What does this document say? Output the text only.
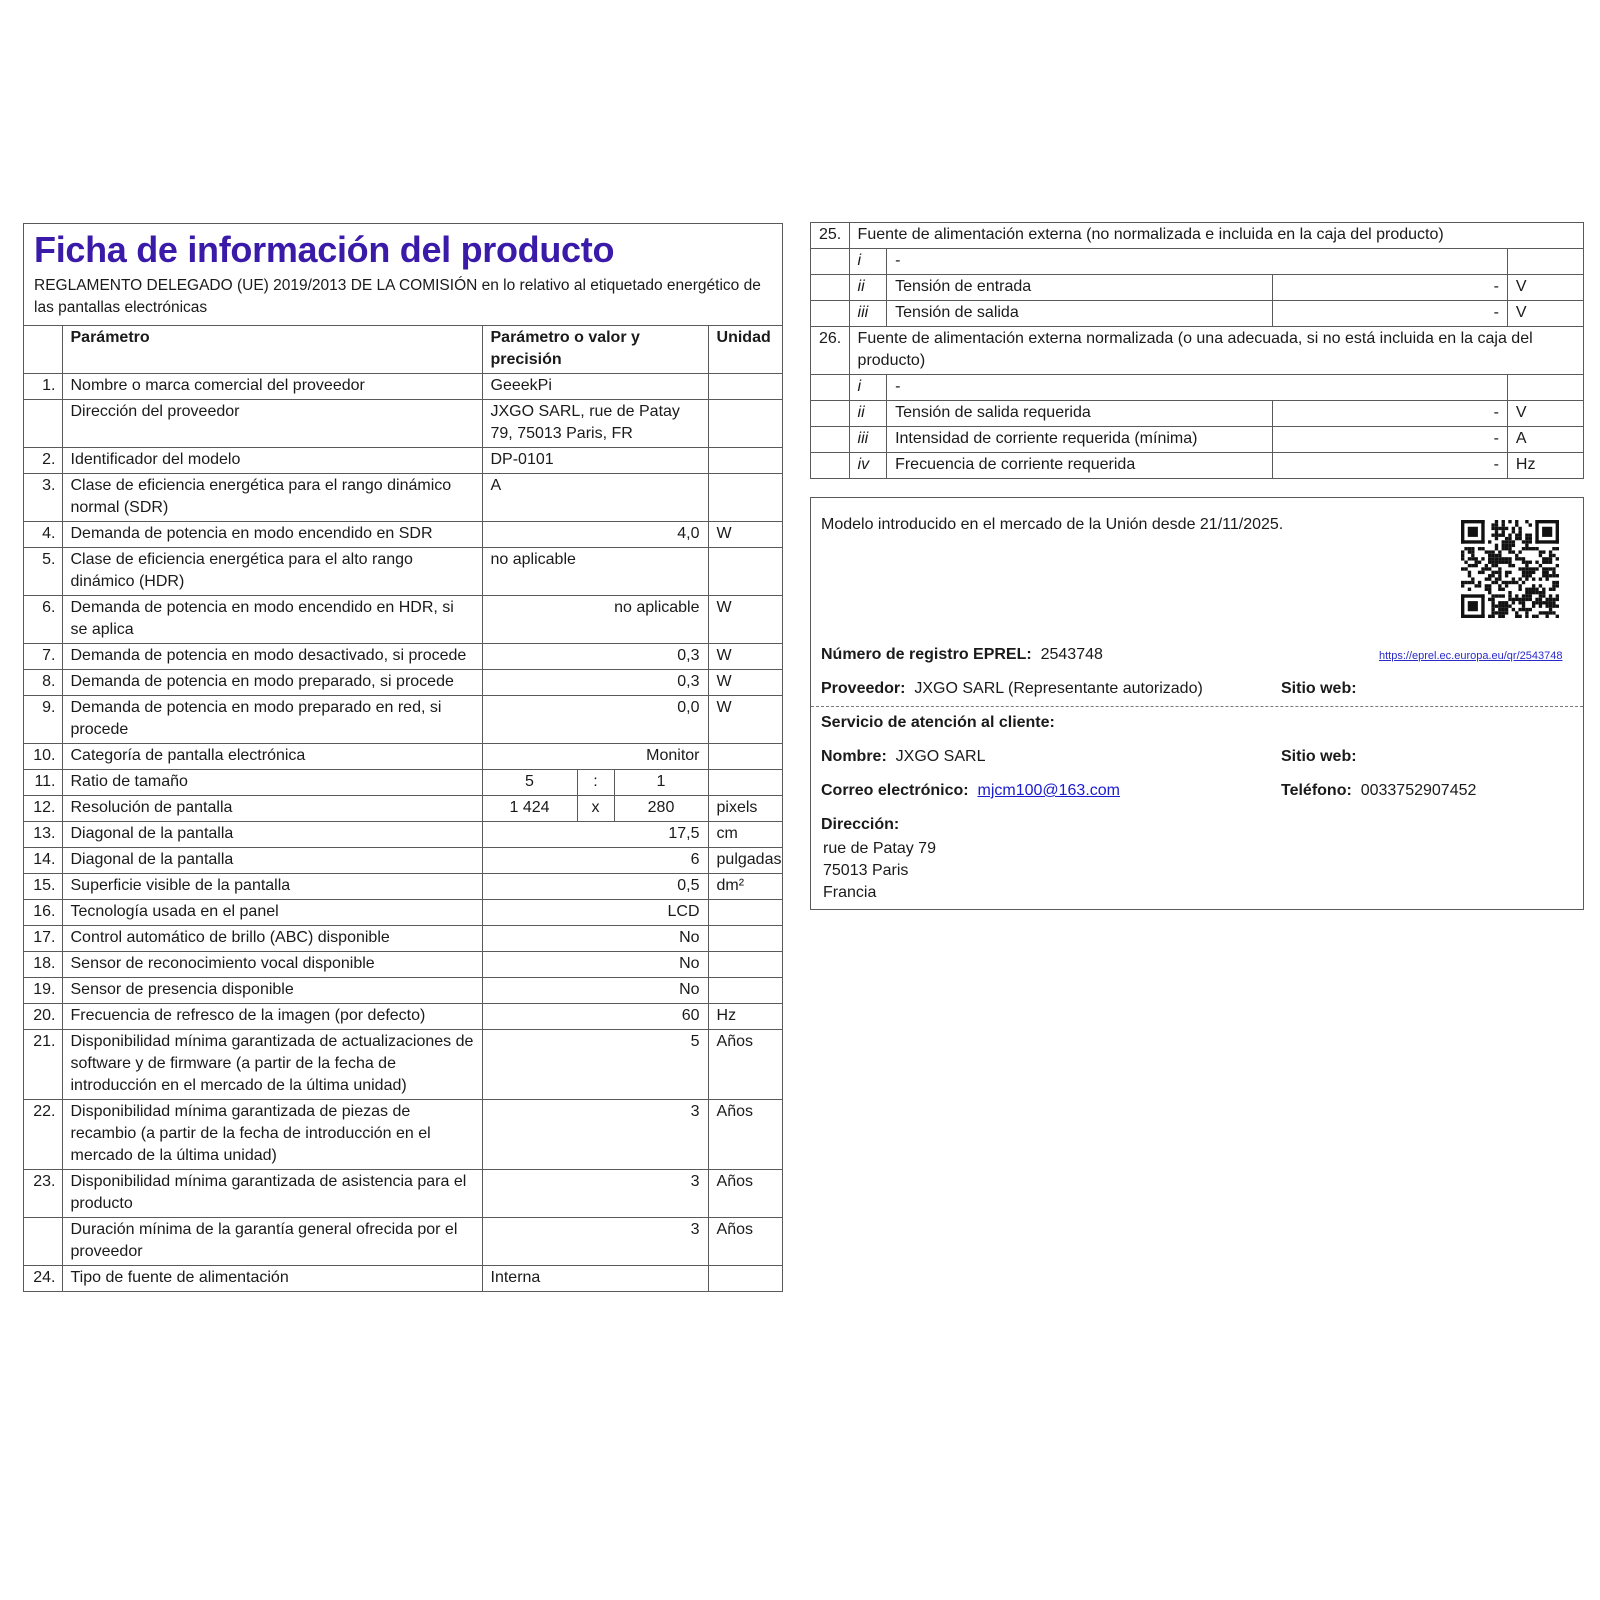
Ficha de información del producto
REGLAMENTO DELEGADO (UE) 2019/2013 DE LA COMISIÓN en lo relativo al etiquetado energético de las pantallas electrónicas
	Parámetro	Parámetro o valor y precisión			Unidad
1.	Nombre o marca comercial del proveedor	GeeekPi			
	Dirección del proveedor	JXGO SARL, rue de Patay 79, 75013 Paris, FR			
2.	Identificador del modelo	DP-0101			
3.	Clase de eficiencia energética para el rango dinámico normal (SDR)	A			
4.	Demanda de potencia en modo encendido en SDR	4,0			W
5.	Clase de eficiencia energética para el alto rango dinámico (HDR)	no aplicable			
6.	Demanda de potencia en modo encendido en HDR, si se aplica	no aplicable			W
7.	Demanda de potencia en modo desactivado, si procede	0,3			W
8.	Demanda de potencia en modo preparado, si procede	0,3			W
9.	Demanda de potencia en modo preparado en red, si procede	0,0			W
10.	Categoría de pantalla electrónica	Monitor			
11.	Ratio de tamaño	5	:	1	
12.	Resolución de pantalla	1 424	x	280	pixels
13.	Diagonal de la pantalla	17,5			cm
14.	Diagonal de la pantalla	6			pulgadas
15.	Superficie visible de la pantalla	0,5			dm²
16.	Tecnología usada en el panel	LCD			
17.	Control automático de brillo (ABC) disponible	No			
18.	Sensor de reconocimiento vocal disponible	No			
19.	Sensor de presencia disponible	No			
20.	Frecuencia de refresco de la imagen (por defecto)	60			Hz
21.	Disponibilidad mínima garantizada de actualizaciones de software y de firmware (a partir de la fecha de introducción en el mercado de la última unidad)	5			Años
22.	Disponibilidad mínima garantizada de piezas de recambio (a partir de la fecha de introducción en el mercado de la última unidad)	3			Años
23.	Disponibilidad mínima garantizada de asistencia para el producto	3			Años
	Duración mínima de la garantía general ofrecida por el proveedor	3			Años
24.	Tipo de fuente de alimentación	Interna			
25.	Fuente de alimentación externa (no normalizada e incluida en la caja del producto)			
	i	-		
	ii	Tensión de entrada	-	V
	iii	Tensión de salida	-	V
26.	Fuente de alimentación externa normalizada (o una adecuada, si no está incluida en la caja del producto)			
	i	-		
	ii	Tensión de salida requerida	-	V
	iii	Intensidad de corriente requerida (mínima)	-	A
	iv	Frecuencia de corriente requerida	-	Hz
Modelo introducido en el mercado de la Unión desde 21/11/2025.
Número de registro EPREL: 2543748	https://eprel.ec.europa.eu/qr/2543748
Proveedor: JXGO SARL (Representante autorizado)	Sitio web:
Servicio de atención al cliente:
Nombre: JXGO SARL	Sitio web:
Correo electrónico: mjcm100@163.com	Teléfono: 0033752907452
Dirección:
rue de Patay 79
75013 Paris
Francia
